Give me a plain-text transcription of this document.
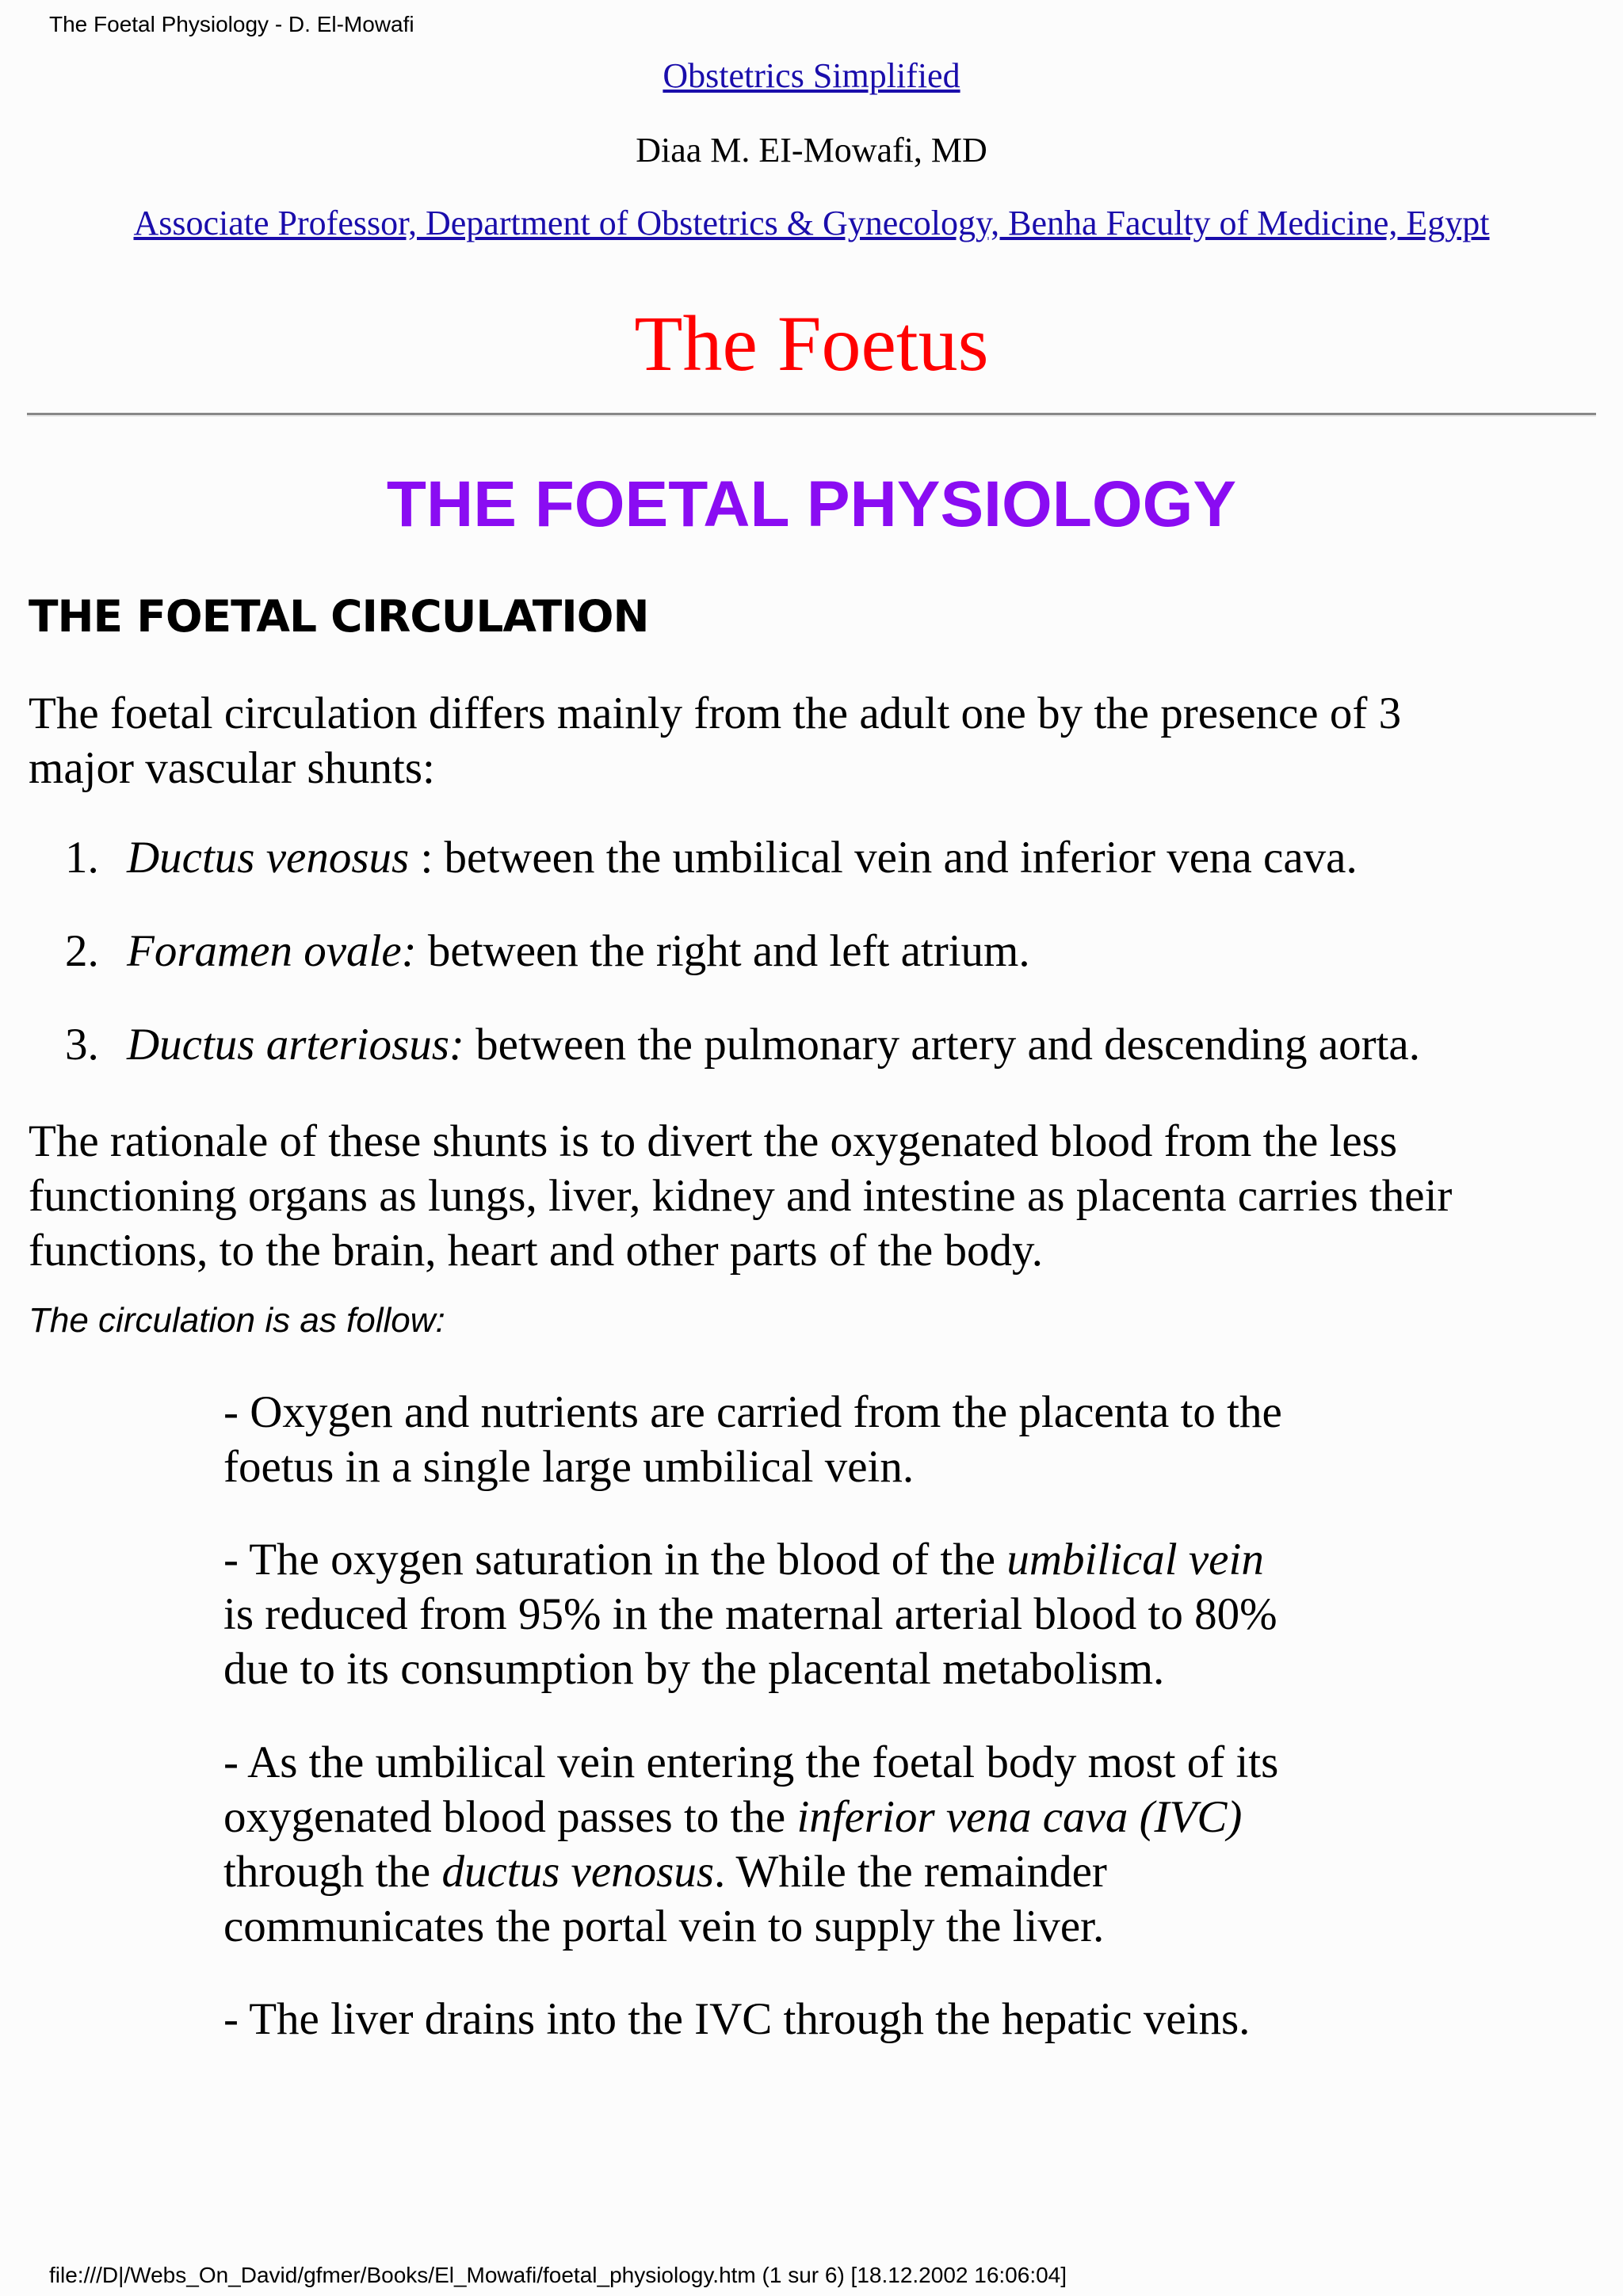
The Foetal Physiology - D. El-Mowafi
Obstetrics Simplified
Diaa M. EI-Mowafi, MD
Associate Professor, Department of Obstetrics & Gynecology, Benha Faculty of Medicine, Egypt
The Foetus
THE FOETAL PHYSIOLOGY
THE FOETAL CIRCULATION
The foetal circulation differs mainly from the adult one by the presence of 3
major vascular shunts:
1. Ductus venosus : between the umbilical vein and inferior vena cava.
2. Foramen ovale: between the right and left atrium.
3. Ductus arteriosus: between the pulmonary artery and descending aorta.
The rationale of these shunts is to divert the oxygenated blood from the less
functioning organs as lungs, liver, kidney and intestine as placenta carries their
functions, to the brain, heart and other parts of the body.
The circulation is as follow:
- Oxygen and nutrients are carried from the placenta to the
foetus in a single large umbilical vein.
- The oxygen saturation in the blood of the umbilical vein
is reduced from 95% in the maternal arterial blood to 80%
due to its consumption by the placental metabolism.
- As the umbilical vein entering the foetal body most of its
oxygenated blood passes to the inferior vena cava (IVC)
through the ductus venosus. While the remainder
communicates the portal vein to supply the liver.
- The liver drains into the IVC through the hepatic veins.
file:///D|/Webs_On_David/gfmer/Books/El_Mowafi/foetal_physiology.htm (1 sur 6) [18.12.2002 16:06:04]
